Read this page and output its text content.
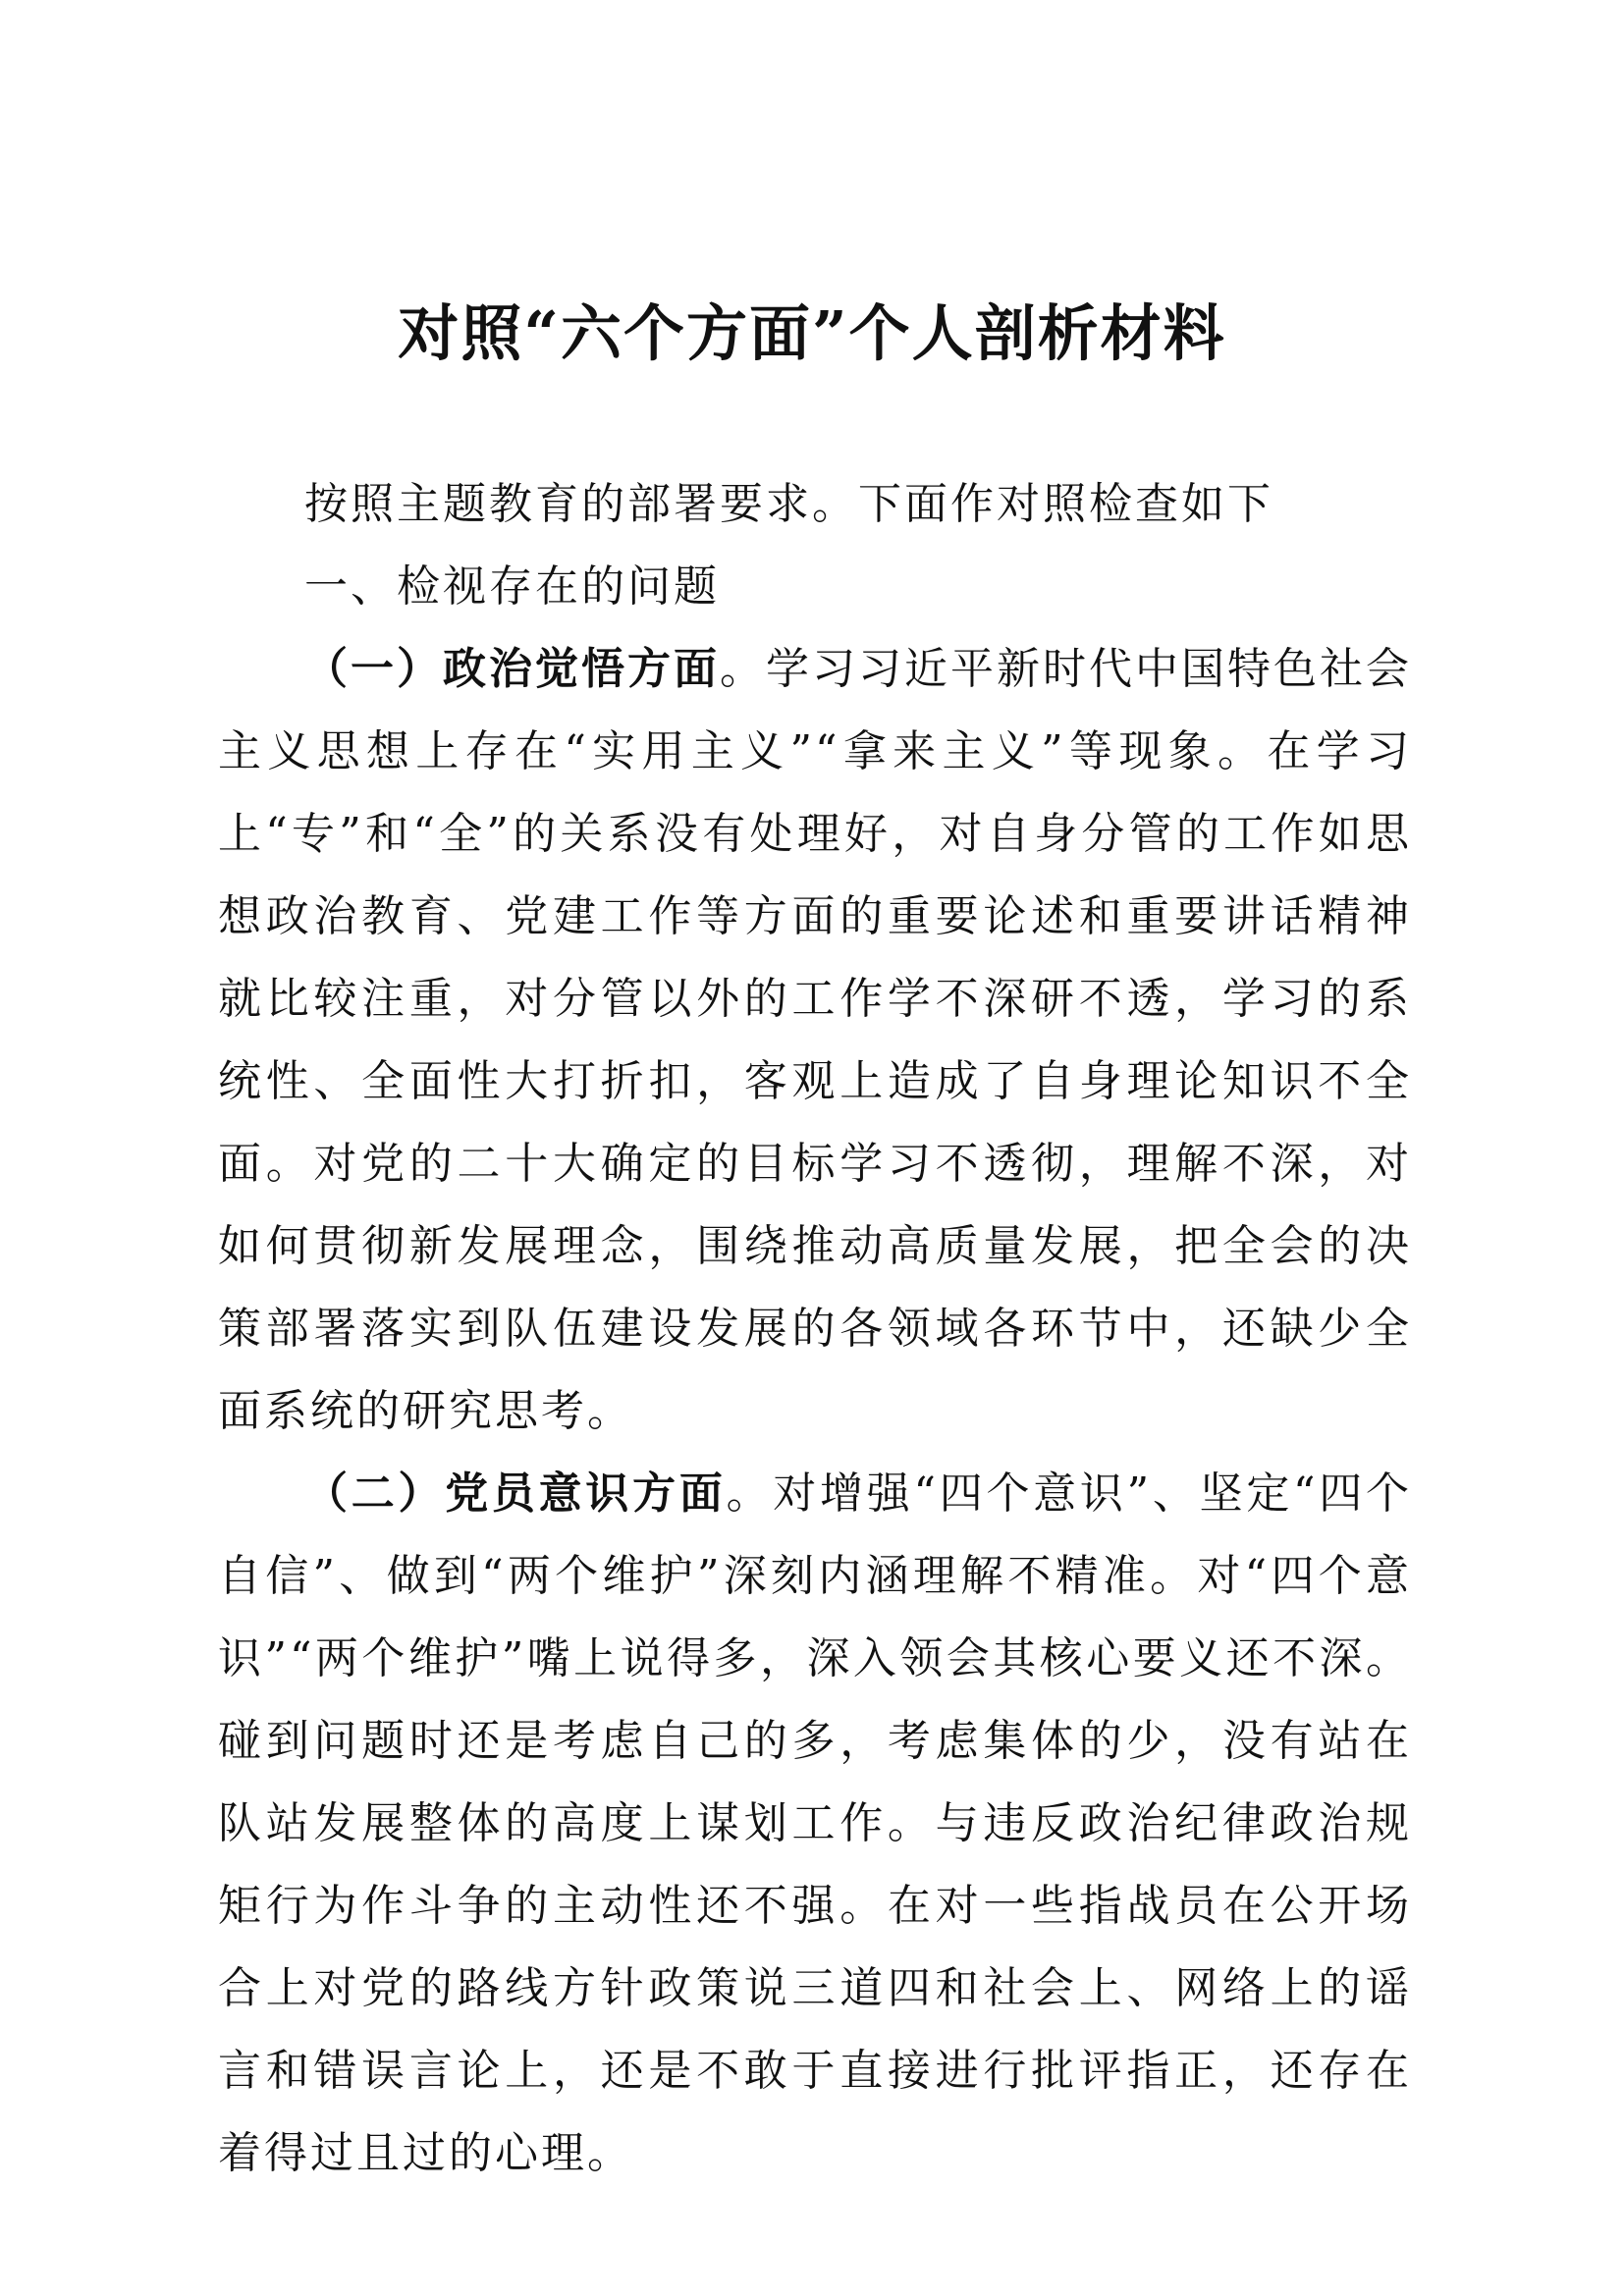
对照“六个方面”个人剖析材料

按照主题教育的部署要求。下面作对照检查如下

一、检视存在的问题

（一）政治觉悟方面。学习习近平新时代中国特色社会主义思想上存在“实用主义”“拿来主义”等现象。在学习上“专”和“全”的关系没有处理好，对自身分管的工作如思想政治教育、党建工作等方面的重要论述和重要讲话精神就比较注重，对分管以外的工作学不深研不透，学习的系统性、全面性大打折扣，客观上造成了自身理论知识不全面。对党的二十大确定的目标学习不透彻，理解不深，对如何贯彻新发展理念，围绕推动高质量发展，把全会的决策部署落实到队伍建设发展的各领域各环节中，还缺少全面系统的研究思考。

（二）党员意识方面。对增强“四个意识”、坚定“四个自信”、做到“两个维护”深刻内涵理解不精准。对“四个意识”“两个维护”嘴上说得多，深入领会其核心要义还不深。碰到问题时还是考虑自己的多，考虑集体的少，没有站在队站发展整体的高度上谋划工作。与违反政治纪律政治规矩行为作斗争的主动性还不强。在对一些指战员在公开场合上对党的路线方针政策说三道四和社会上、网络上的谣言和错误言论上，还是不敢于直接进行批评指正，还存在着得过且过的心理。
